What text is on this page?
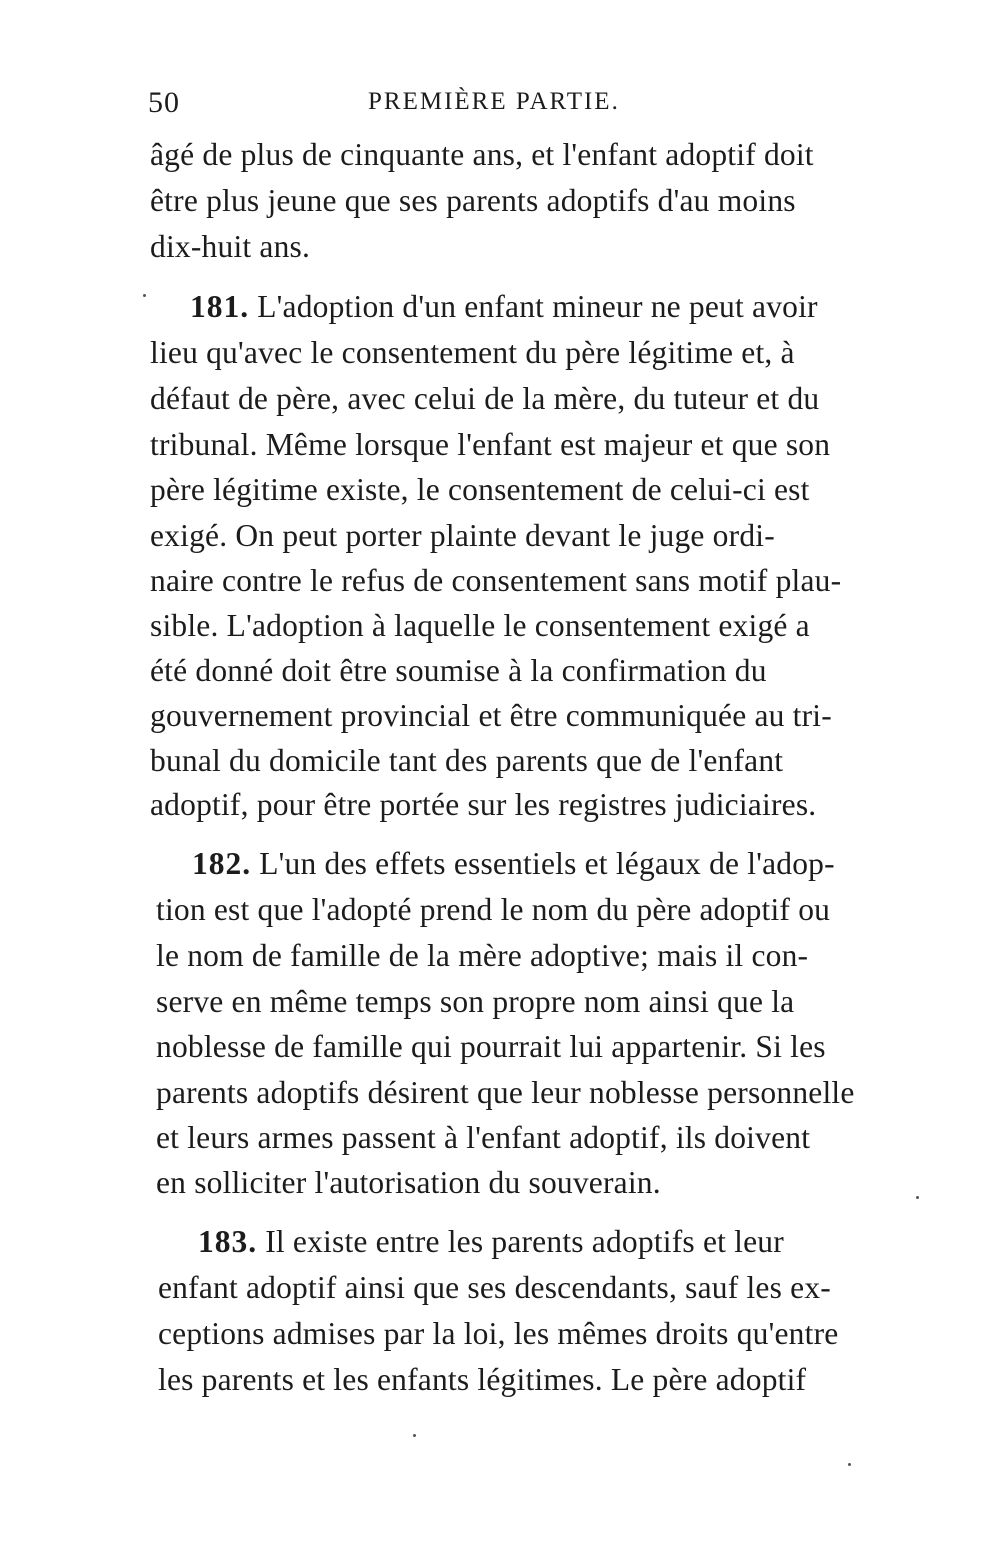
50	PREMIÈRE PARTIE.
âgé de plus de cinquante ans, et l'enfant adoptif doit
être plus jeune que ses parents adoptifs d'au moins
dix-huit ans.
181. L'adoption d'un enfant mineur ne peut avoir
lieu qu'avec le consentement du père légitime et, à
défaut de père, avec celui de la mère, du tuteur et du
tribunal. Même lorsque l'enfant est majeur et que son
père légitime existe, le consentement de celui-ci est
exigé. On peut porter plainte devant le juge ordi-
naire contre le refus de consentement sans motif plau-
sible. L'adoption à laquelle le consentement exigé a
été donné doit être soumise à la confirmation du
gouvernement provincial et être communiquée au tri-
bunal du domicile tant des parents que de l'enfant
adoptif, pour être portée sur les registres judiciaires.
182. L'un des effets essentiels et légaux de l'adop-
tion est que l'adopté prend le nom du père adoptif ou
le nom de famille de la mère adoptive; mais il con-
serve en même temps son propre nom ainsi que la
noblesse de famille qui pourrait lui appartenir. Si les
parents adoptifs désirent que leur noblesse personnelle
et leurs armes passent à l'enfant adoptif, ils doivent
en solliciter l'autorisation du souverain.
183. Il existe entre les parents adoptifs et leur
enfant adoptif ainsi que ses descendants, sauf les ex-
ceptions admises par la loi, les mêmes droits qu'entre
les parents et les enfants légitimes. Le père adoptif
